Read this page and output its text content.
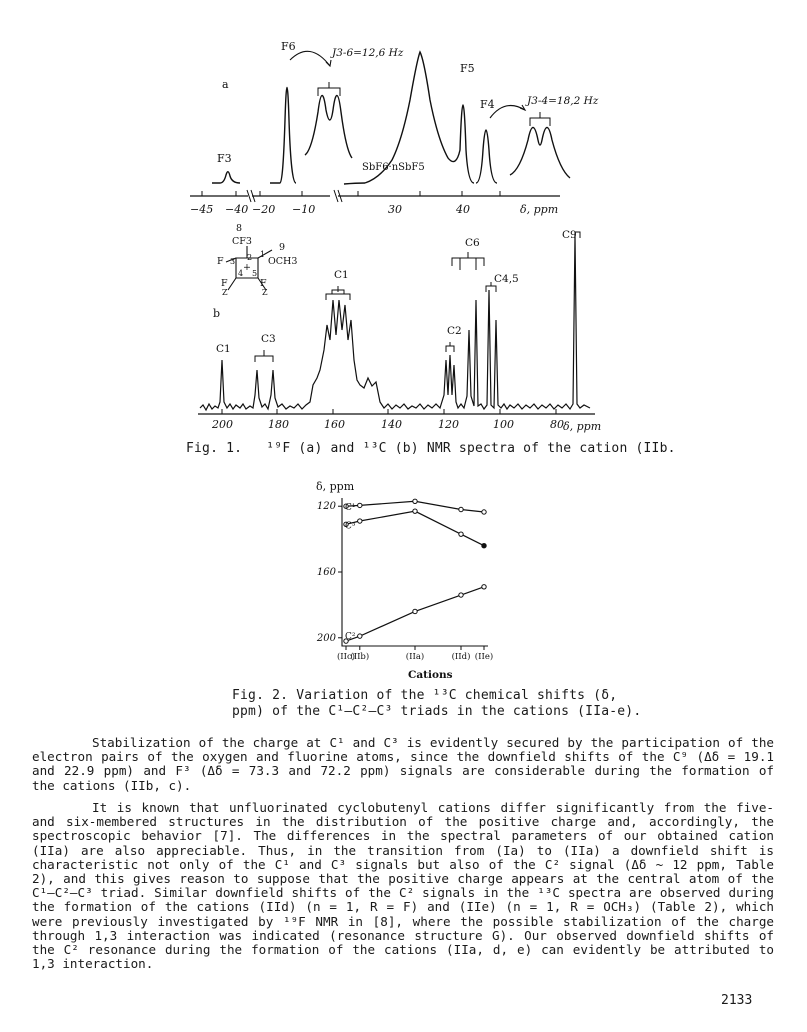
a
F3
F6
F5
F4
J3-6=12,6 Hz
J3-4=18,2 Hz
SbF6·nSbF5
−45 −40 −20 −10	30	40	δ, ppm
8
CF3
9
F 3 2 1
OCH3
+
4 5
F
Z
F
Z
b
C1
C3
C1
C2
C6
C4,5
C9
200	180	160	140	120	100	80 δ, ppm
Fig. 1. ¹⁹F (a) and ¹³C (b) NMR spectra of the cation (IIb.
δ, ppm
200
160
120
(IIc)
(IIb)	(IIa)	(IId) (IIe)
C¹
C³
C²
Cations
Fig. 2. Variation of the ¹³C chemical shifts (δ,
ppm) of the C¹—C²—C³ triads in the cations (IIa-e).

Stabilization of the charge at C¹ and C³ is evidently secured by the participation of the electron pairs of the oxygen and fluorine atoms, since the downfield shifts of the C⁹ (Δδ = 19.1 and 22.9 ppm) and F³ (Δδ = 73.3 and 72.2 ppm) signals are considerable during the formation of the cations (IIb, c).

It is known that unfluorinated cyclobutenyl cations differ significantly from the five- and six-membered structures in the distribution of the positive charge and, accordingly, the spectroscopic behavior [7]. The differences in the spectral parameters of our obtained cation (IIa) are also appreciable. Thus, in the transition from (Ia) to (IIa) a downfield shift is characteristic not only of the C¹ and C³ signals but also of the C² signal (Δδ ~ 12 ppm, Table 2), and this gives reason to suppose that the positive charge appears at the central atom of the C¹–C²–C³ triad. Similar downfield shifts of the C² signals in the ¹³C spectra are observed during the formation of the cations (IId) (n = 1, R = F) and (IIe) (n = 1, R = OCH₃) (Table 2), which were previously investigated by ¹⁹F NMR in [8], where the possible stabilization of the charge through 1,3 interaction was indicated (resonance structure G). Our observed downfield shifts of the C² resonance during the formation of the cations (IIa, d, e) can evidently be attributed to 1,3 interaction.

2133
